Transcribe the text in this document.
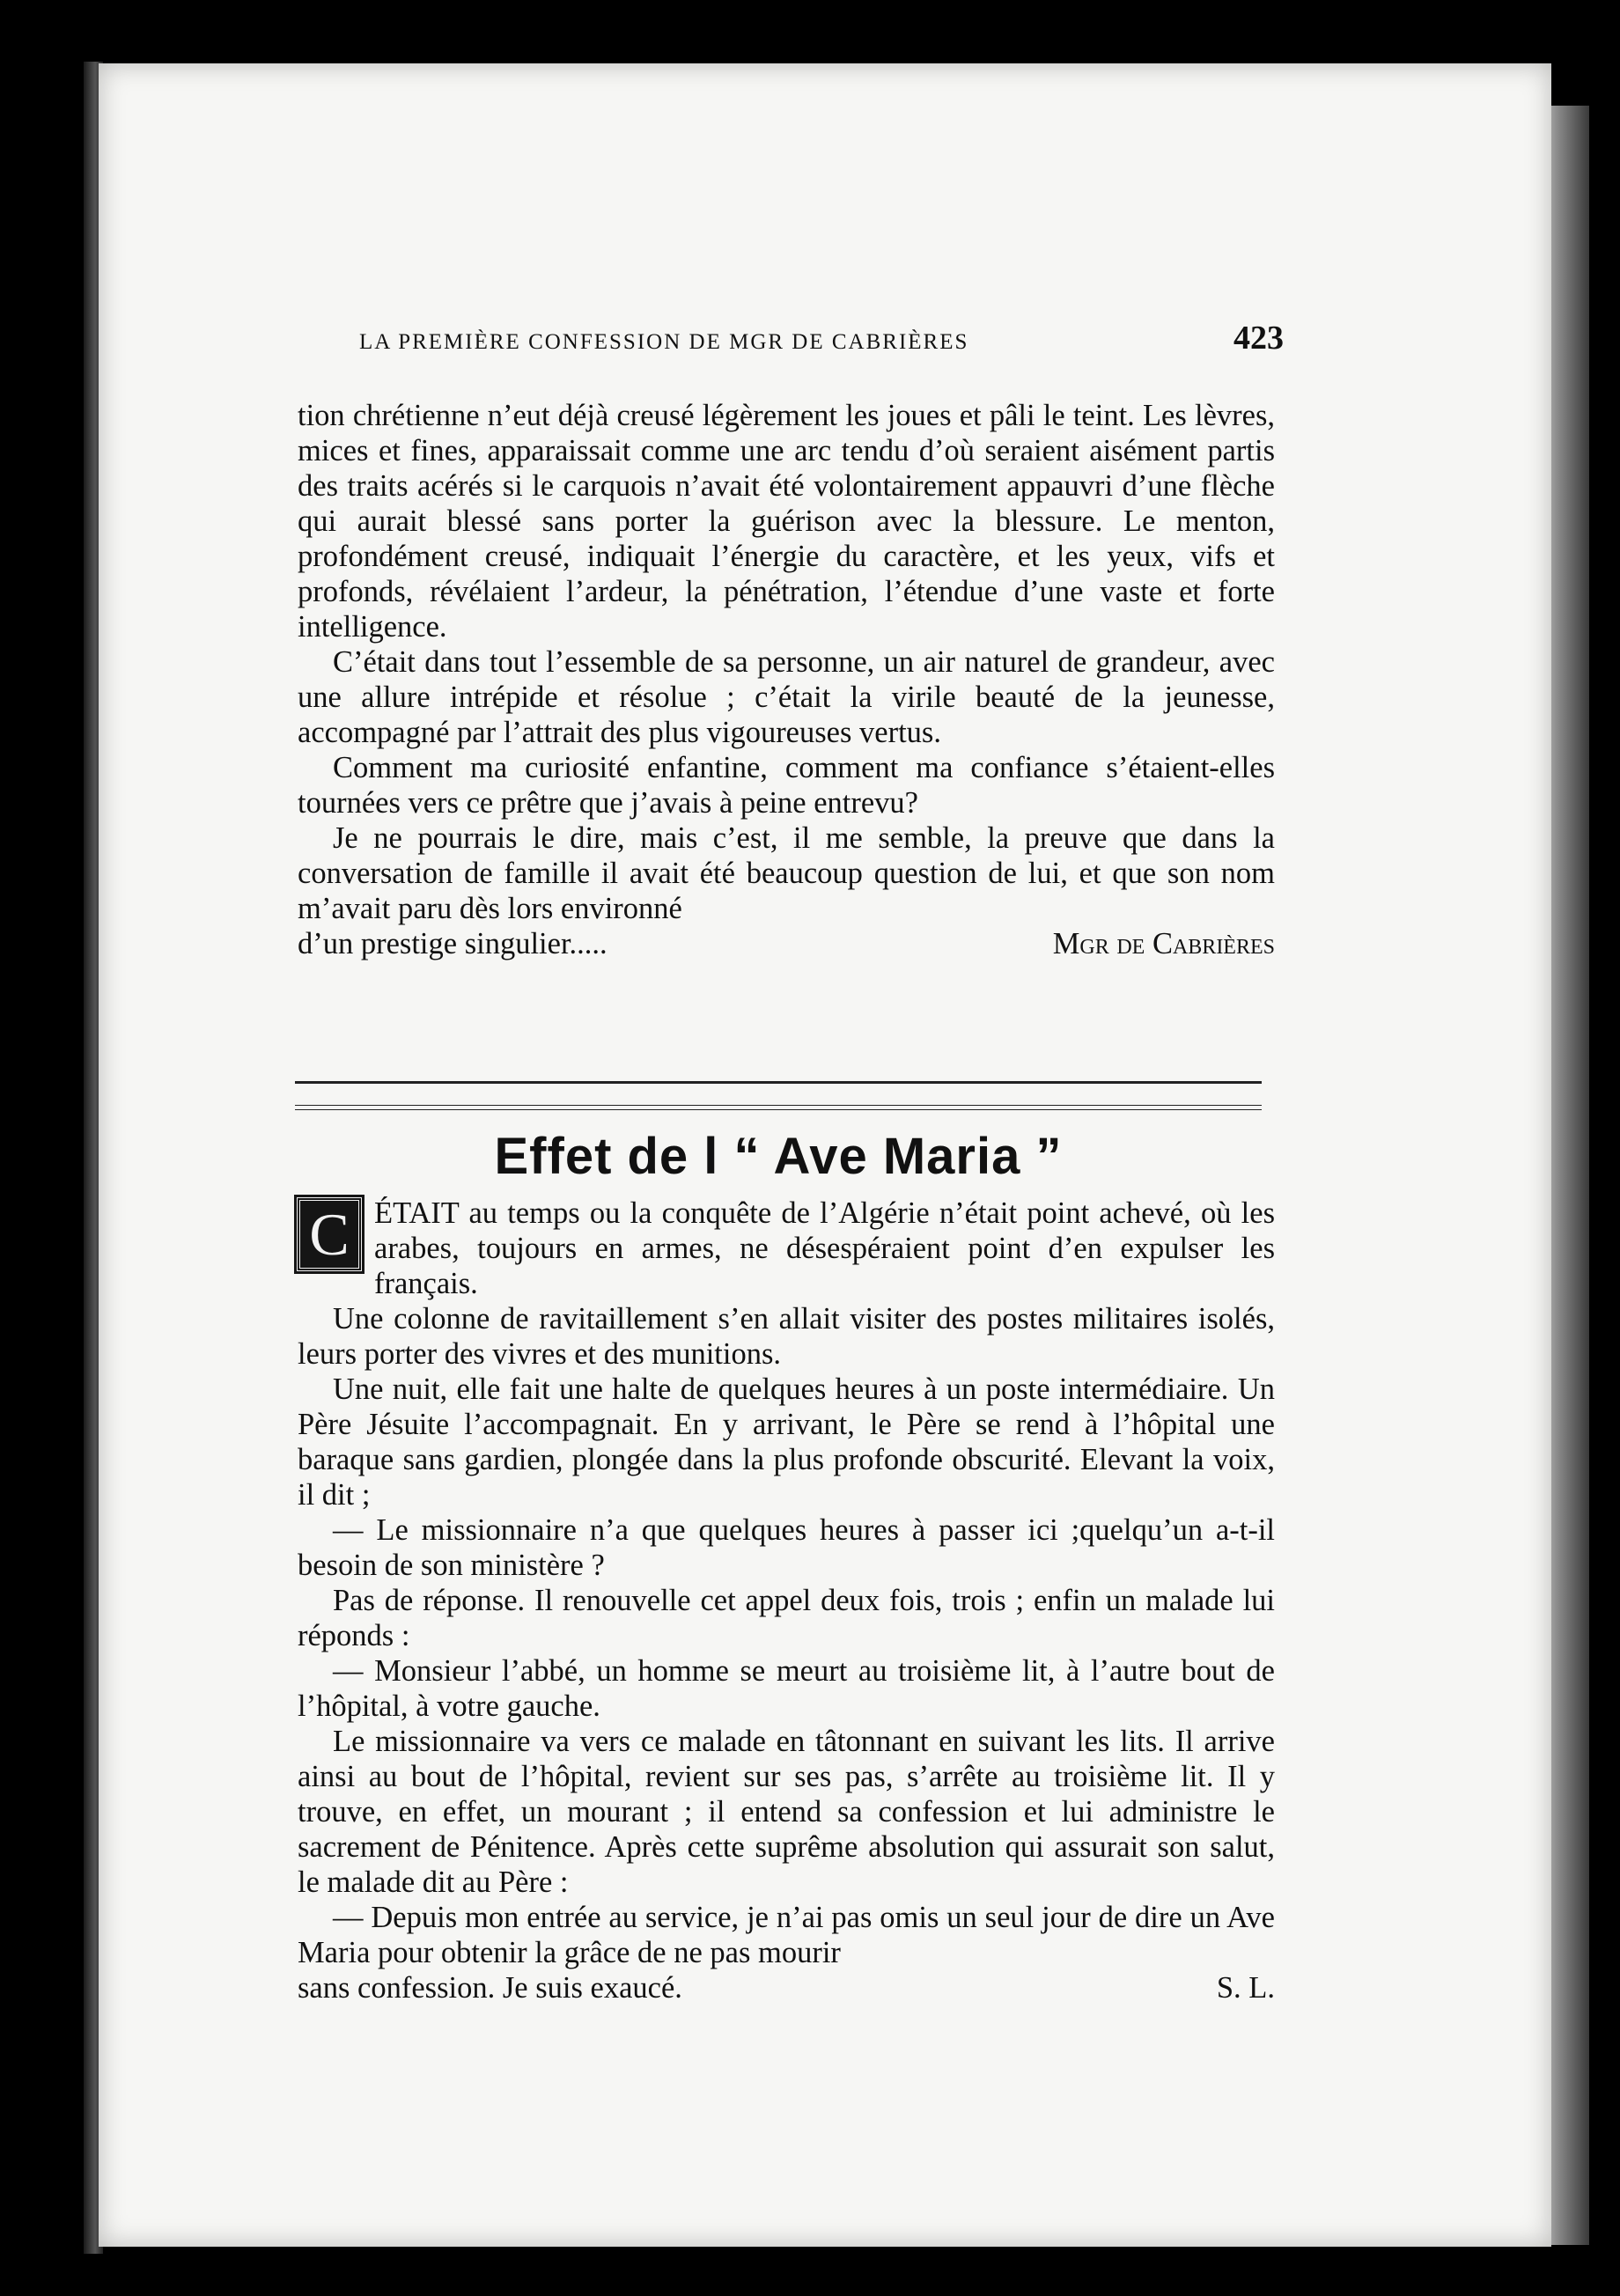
LA PREMIÈRE CONFESSION DE MGR DE CABRIÈRES	423

tion chrétienne n’eut déjà creusé légèrement les joues et pâli le teint. Les lèvres, mices et fines, apparaissait comme une arc tendu d’où seraient aisément partis des traits acérés si le carquois n’avait été volontairement appauvri d’une flèche qui aurait blessé sans porter la guérison avec la blessure. Le menton, profondément creusé, indiquait l’énergie du caractère, et les yeux, vifs et profonds, révélaient l’ardeur, la pénétration, l’étendue d’une vaste et forte intelligence.

C’était dans tout l’essemble de sa personne, un air naturel de grandeur, avec une allure intrépide et résolue ; c’était la virile beauté de la jeunesse, accompagné par l’attrait des plus vigoureuses vertus.

Comment ma curiosité enfantine, comment ma confiance s’étaient-elles tournées vers ce prêtre que j’avais à peine entrevu?

Je ne pourrais le dire, mais c’est, il me semble, la preuve que dans la conversation de famille il avait été beaucoup question de lui, et que son nom m’avait paru dès lors environné

d’un prestige singulier.....	Mgr de Cabrières
Effet de l “ Ave Maria ”
C ÉTAIT au temps ou la conquête de l’Algérie n’était point achevé, où les arabes, toujours en armes, ne désespéraient point d’en expulser les français.

Une colonne de ravitaillement s’en allait visiter des postes militaires isolés, leurs porter des vivres et des munitions.

Une nuit, elle fait une halte de quelques heures à un poste intermédiaire. Un Père Jésuite l’accompagnait. En y arrivant, le Père se rend à l’hôpital une baraque sans gardien, plongée dans la plus profonde obscurité. Elevant la voix, il dit ;

— Le missionnaire n’a que quelques heures à passer ici ;quelqu’un a-t-il besoin de son ministère ?

Pas de réponse. Il renouvelle cet appel deux fois, trois ; enfin un malade lui réponds :

— Monsieur l’abbé, un homme se meurt au troisième lit, à l’autre bout de l’hôpital, à votre gauche.

Le missionnaire va vers ce malade en tâtonnant en suivant les lits. Il arrive ainsi au bout de l’hôpital, revient sur ses pas, s’arrête au troisième lit. Il y trouve, en effet, un mourant ; il entend sa confession et lui administre le sacrement de Pénitence. Après cette suprême absolution qui assurait son salut, le malade dit au Père :

— Depuis mon entrée au service, je n’ai pas omis un seul jour de dire un Ave Maria pour obtenir la grâce de ne pas mourir

sans confession. Je suis exaucé.	S. L.
